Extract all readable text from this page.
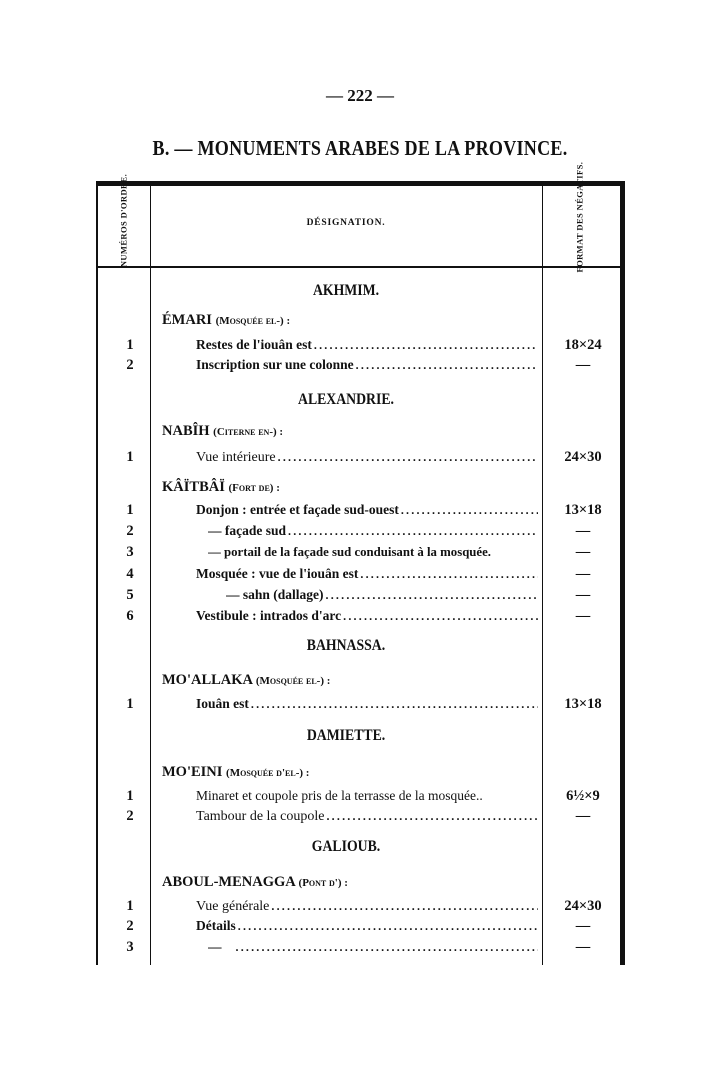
— 222 —
B. — MONUMENTS ARABES DE LA PROVINCE.
NUMÉROS D'ORDRE.	DÉSIGNATION.	FORMAT DES NÉGATIFS.
AKHMIM.
ÉMARI (Mosquée el-) :
1	Restes de l'iouân est .....	18×24
2	Inscription sur une colonne .....	—
ALEXANDRIE.
NABÎH (Citerne en-) :
1	Vue intérieure .....	24×30
KÂÏTBÂÏ (Fort de) :
1	Donjon : entrée et façade sud-ouest .....	13×18
2	— façade sud .....	—
3	— portail de la façade sud conduisant à la mosquée.	—
4	Mosquée : vue de l'iouân est .....	—
5	— sahn (dallage) .....	—
6	Vestibule : intrados d'arc .....	—
BAHNASSA.
MO'ALLAKA (Mosquée el-) :
1	Iouân est .....	13×18
DAMIETTE.
MO'EINI (Mosquée d'el-) :
1	Minaret et coupole pris de la terrasse de la mosquée..	6½×9
2	Tambour de la coupole .....	—
GALIOUB.
ABOUL-MENAGGA (Pont d') :
1	Vue générale .....	24×30
2	Détails .....	—
3	— .....	—
